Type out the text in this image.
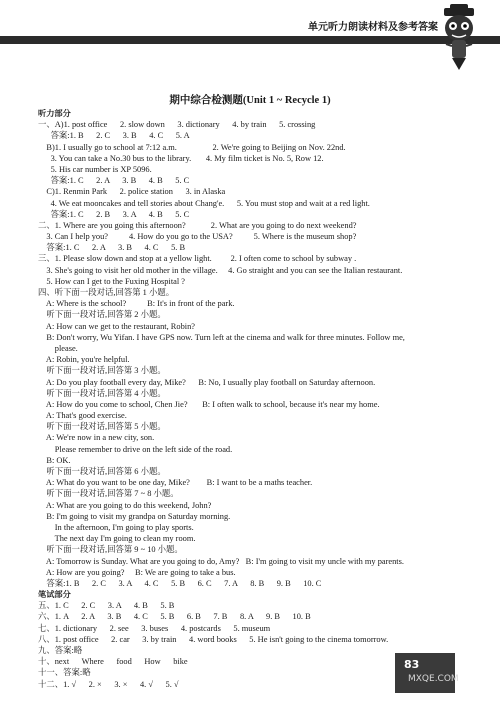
单元听力朗读材料及参考答案
期中综合检测题(Unit 1 ~ Recycle 1)
听力部分
一、A)1. post office      2. slow down      3. dictionary      4. by train      5. crossing
答案:1. B      2. C      3. B      4. C      5. A
B)1. I usually go to school at 7:12 a.m.                 2. We're going to Beijing on Nov. 22nd.
3. You can take a No.30 bus to the library.       4. My film ticket is No. 5, Row 12.
5. His car number is XP 5096.
答案:1. C      2. A      3. B      4. B      5. C
C)1. Renmin Park      2. police station      3. in Alaska
4. We eat mooncakes and tell stories about Chang'e.      5. You must stop and wait at a red light.
答案:1. C      2. B      3. A      4. B      5. C
二、1. Where are you going this afternoon?            2. What are you going to do next weekend?
3. Can I help you?          4. How do you go to the USA?          5. Where is the museum shop?
答案:1. C      2. A      3. B      4. C      5. B
三、1. Please slow down and stop at a yellow light.         2. I often come to school by subway .
3. She's going to visit her old mother in the village.     4. Go straight and you can see the Italian restaurant.
5. How can I get to the Fuxing Hospital ?
四、听下面一段对话,回答第 1 小题。
A: Where is the school?          B: It's in front of the park.
听下面一段对话,回答第 2 小题。
A: How can we get to the restaurant, Robin?
B: Don't worry, Wu Yifan. I have GPS now. Turn left at the cinema and walk for three minutes. Follow me,
please.
A: Robin, you're helpful.
听下面一段对话,回答第 3 小题。
A: Do you play football every day, Mike?      B: No, I usually play football on Saturday afternoon.
听下面一段对话,回答第 4 小题。
A: How do you come to school, Chen Jie?       B: I often walk to school, because it's near my home.
A: That's good exercise.
听下面一段对话,回答第 5 小题。
A: We're now in a new city, son.
Please remember to drive on the left side of the road.
B: OK.
听下面一段对话,回答第 6 小题。
A: What do you want to be one day, Mike?        B: I want to be a maths teacher.
听下面一段对话,回答第 7 ~ 8 小题。
A: What are you going to do this weekend, John?
B: I'm going to visit my grandpa on Saturday morning.
In the afternoon, I'm going to play sports.
The next day I'm going to clean my room.
听下面一段对话,回答第 9 ~ 10 小题。
A: Tomorrow is Sunday. What are you going to do, Amy?   B: I'm going to visit my uncle with my parents.
A: How are you going?     B: We are going to take a bus.
答案:1. B      2. C      3. A      4. C      5. B      6. C      7. A      8. B      9. B      10. C
笔试部分
五、1. C      2. C      3. A      4. B      5. B
六、1. A      2. A      3. B      4. C      5. B      6. B      7. B      8. A      9. B      10. B
七、1. dictionary      2. see      3. buses      4. postcards      5. museum
八、1. post office      2. car      3. by train      4. word books      5. He isn't going to the cinema tomorrow.
九、答案:略
十、next      Where      food      How      bike
十一、答案:略
十二、1. √      2. ×      3. ×      4. √      5. √
83
MXQE.COM
